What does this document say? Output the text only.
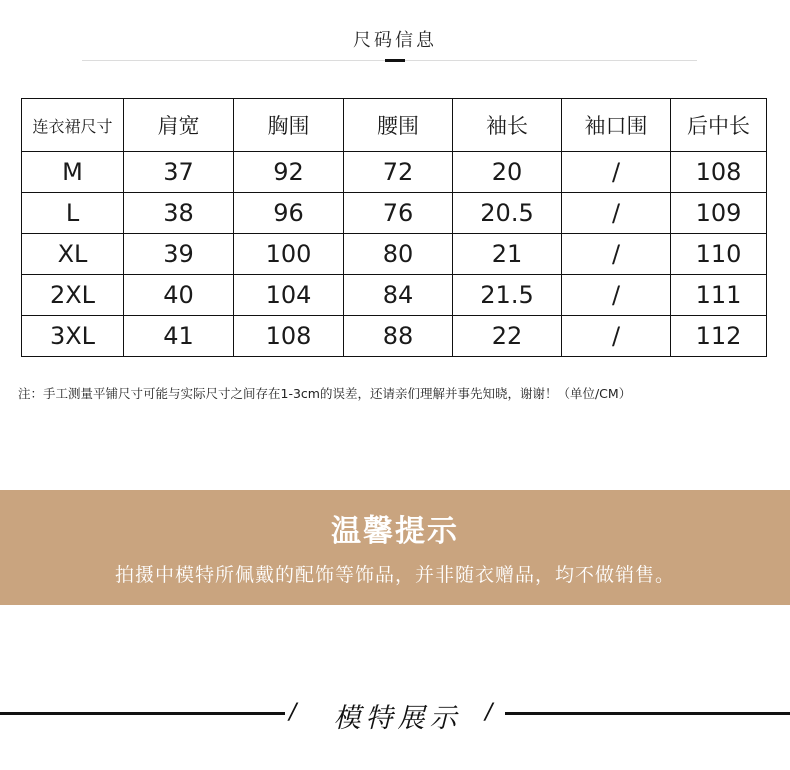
尺码信息
连衣裙尺寸	肩宽	胸围	腰围	袖长	袖口围	后中长
M	37	92	72	20	/	108
L	38	96	76	20.5	/	109
XL	39	100	80	21	/	110
2XL	40	104	84	21.5	/	111
3XL	41	108	88	22	/	112
注：手工测量平铺尺寸可能与实际尺寸之间存在1-3cm的误差，还请亲们理解并事先知晓，谢谢！（单位/CM）
温馨提示
拍摄中模特所佩戴的配饰等饰品，并非随衣赠品，均不做销售。
/	模特展示	/
